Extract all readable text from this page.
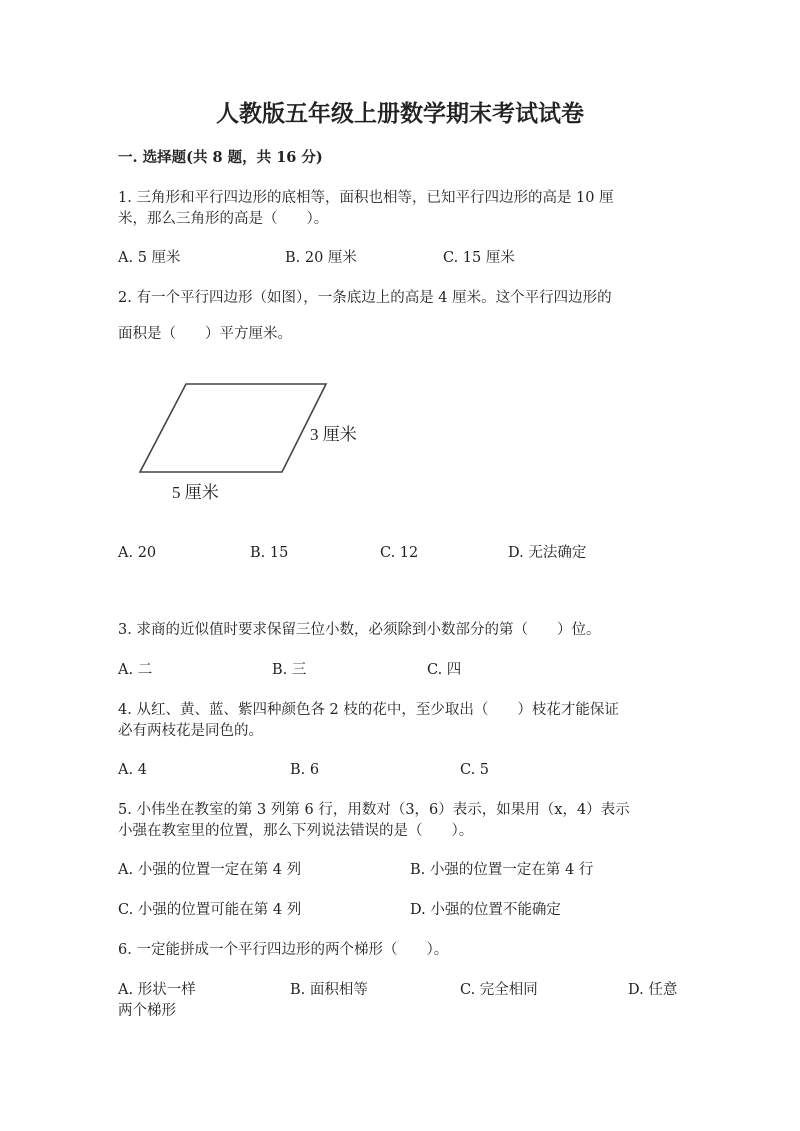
人教版五年级上册数学期末考试试卷
一. 选择题(共 8 题，共 16 分)
1. 三角形和平行四边形的底相等，面积也相等，已知平行四边形的高是 10 厘
米，那么三角形的高是（　　）。
A. 5 厘米	B. 20 厘米	C. 15 厘米
2. 有一个平行四边形（如图），一条底边上的高是 4 厘米。这个平行四边形的
面积是（　　）平方厘米。
3 厘米
5 厘米
A. 20	B. 15	C. 12	D. 无法确定
3. 求商的近似值时要求保留三位小数，必须除到小数部分的第（　　）位。
A. 二	B. 三	C. 四
4. 从红、黄、蓝、紫四种颜色各 2 枝的花中，至少取出（　　）枝花才能保证
必有两枝花是同色的。
A. 4	B. 6	C. 5
5. 小伟坐在教室的第 3 列第 6 行，用数对（3，6）表示，如果用（x，4）表示
小强在教室里的位置，那么下列说法错误的是（　　）。
A. 小强的位置一定在第 4 列	B. 小强的位置一定在第 4 行
C. 小强的位置可能在第 4 列	D. 小强的位置不能确定
6. 一定能拼成一个平行四边形的两个梯形（　　）。
A. 形状一样	B. 面积相等	C. 完全相同	D. 任意
两个梯形
